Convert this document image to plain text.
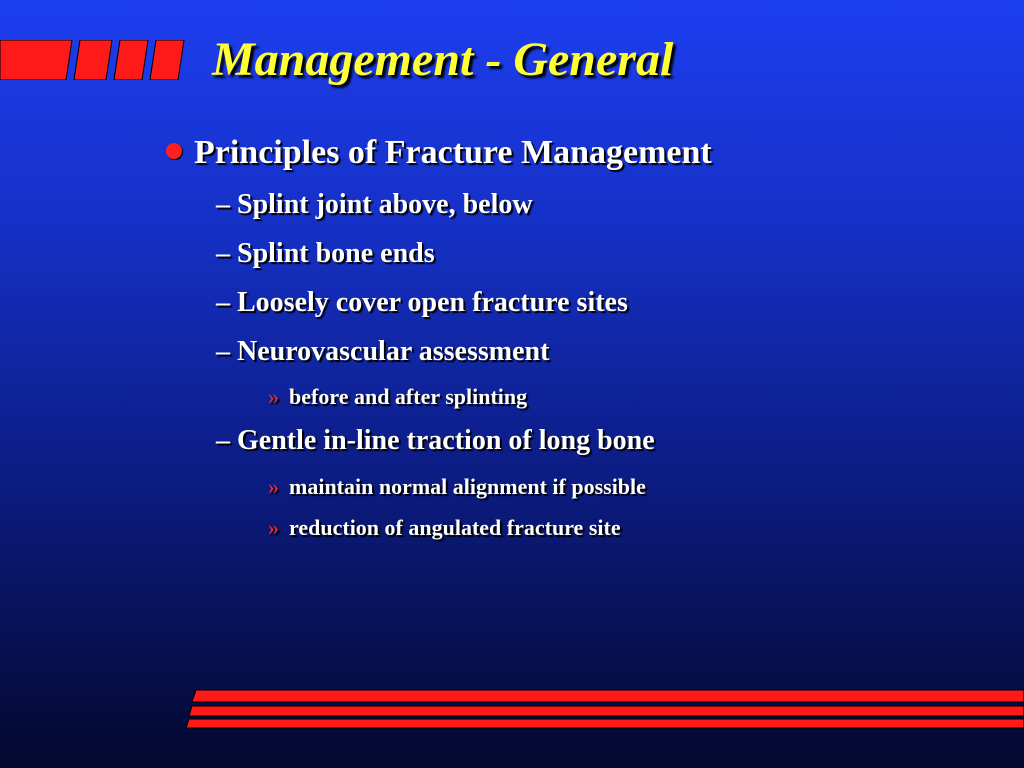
Management - General
Principles of Fracture Management
– Splint joint above, below
– Splint bone ends
– Loosely cover open fracture sites
– Neurovascular assessment
» before and after splinting
– Gentle in-line traction of long bone
» maintain normal alignment if possible
» reduction of angulated fracture site
